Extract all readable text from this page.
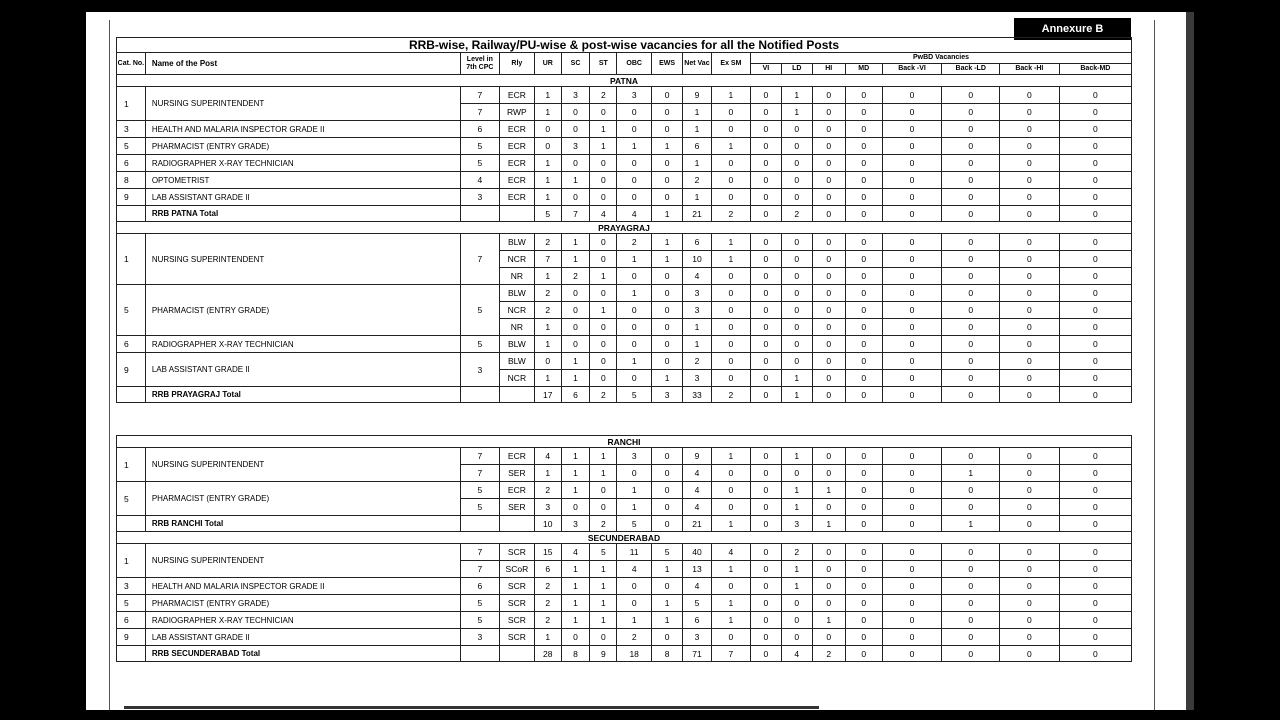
Annexure B
RRB-wise, Railway/PU-wise & post-wise vacancies for all the Notified Posts																		
Cat. No.	Name of the Post	Level in 7th CPC	Rly	UR	SC	ST	OBC	EWS	Net Vac	Ex SM	PwBD Vacancies							
											VI	LD	HI	MD	Back -VI	Back -LD	Back -HI	Back-MD
PATNA																		
1	NURSING SUPERINTENDENT	7	ECR	1	3	2	3	0	9	1	0	1	0	0	0	0	0	0
		7	RWP	1	0	0	0	0	1	0	0	1	0	0	0	0	0	0
3	HEALTH AND MALARIA INSPECTOR GRADE II	6	ECR	0	0	1	0	0	1	0	0	0	0	0	0	0	0	0
5	PHARMACIST (ENTRY GRADE)	5	ECR	0	3	1	1	1	6	1	0	0	0	0	0	0	0	0
6	RADIOGRAPHER X-RAY TECHNICIAN	5	ECR	1	0	0	0	0	1	0	0	0	0	0	0	0	0	0
8	OPTOMETRIST	4	ECR	1	1	0	0	0	2	0	0	0	0	0	0	0	0	0
9	LAB ASSISTANT GRADE II	3	ECR	1	0	0	0	0	1	0	0	0	0	0	0	0	0	0
	RRB PATNA Total			5	7	4	4	1	21	2	0	2	0	0	0	0	0	0
PRAYAGRAJ																		
1	NURSING SUPERINTENDENT	7	BLW	2	1	0	2	1	6	1	0	0	0	0	0	0	0	0
			NCR	7	1	0	1	1	10	1	0	0	0	0	0	0	0	0
			NR	1	2	1	0	0	4	0	0	0	0	0	0	0	0	0
5	PHARMACIST (ENTRY GRADE)	5	BLW	2	0	0	1	0	3	0	0	0	0	0	0	0	0	0
			NCR	2	0	1	0	0	3	0	0	0	0	0	0	0	0	0
			NR	1	0	0	0	0	1	0	0	0	0	0	0	0	0	0
6	RADIOGRAPHER X-RAY TECHNICIAN	5	BLW	1	0	0	0	0	1	0	0	0	0	0	0	0	0	0
9	LAB ASSISTANT GRADE II	3	BLW	0	1	0	1	0	2	0	0	0	0	0	0	0	0	0
			NCR	1	1	0	0	1	3	0	0	1	0	0	0	0	0	0
	RRB PRAYAGRAJ Total			17	6	2	5	3	33	2	0	1	0	0	0	0	0	0

RANCHI																		
1	NURSING SUPERINTENDENT	7	ECR	4	1	1	3	0	9	1	0	1	0	0	0	0	0	0
		7	SER	1	1	1	0	0	4	0	0	0	0	0	0	1	0	0
5	PHARMACIST (ENTRY GRADE)	5	ECR	2	1	0	1	0	4	0	0	1	1	0	0	0	0	0
		5	SER	3	0	0	1	0	4	0	0	1	0	0	0	0	0	0
	RRB RANCHI Total			10	3	2	5	0	21	1	0	3	1	0	0	1	0	0
SECUNDERABAD																		
1	NURSING SUPERINTENDENT	7	SCR	15	4	5	11	5	40	4	0	2	0	0	0	0	0	0
		7	SCoR	6	1	1	4	1	13	1	0	1	0	0	0	0	0	0
3	HEALTH AND MALARIA INSPECTOR GRADE II	6	SCR	2	1	1	0	0	4	0	0	1	0	0	0	0	0	0
5	PHARMACIST (ENTRY GRADE)	5	SCR	2	1	1	0	1	5	1	0	0	0	0	0	0	0	0
6	RADIOGRAPHER X-RAY TECHNICIAN	5	SCR	2	1	1	1	1	6	1	0	0	1	0	0	0	0	0
9	LAB ASSISTANT GRADE II	3	SCR	1	0	0	2	0	3	0	0	0	0	0	0	0	0	0
	RRB SECUNDERABAD Total			28	8	9	18	8	71	7	0	4	2	0	0	0	0	0
